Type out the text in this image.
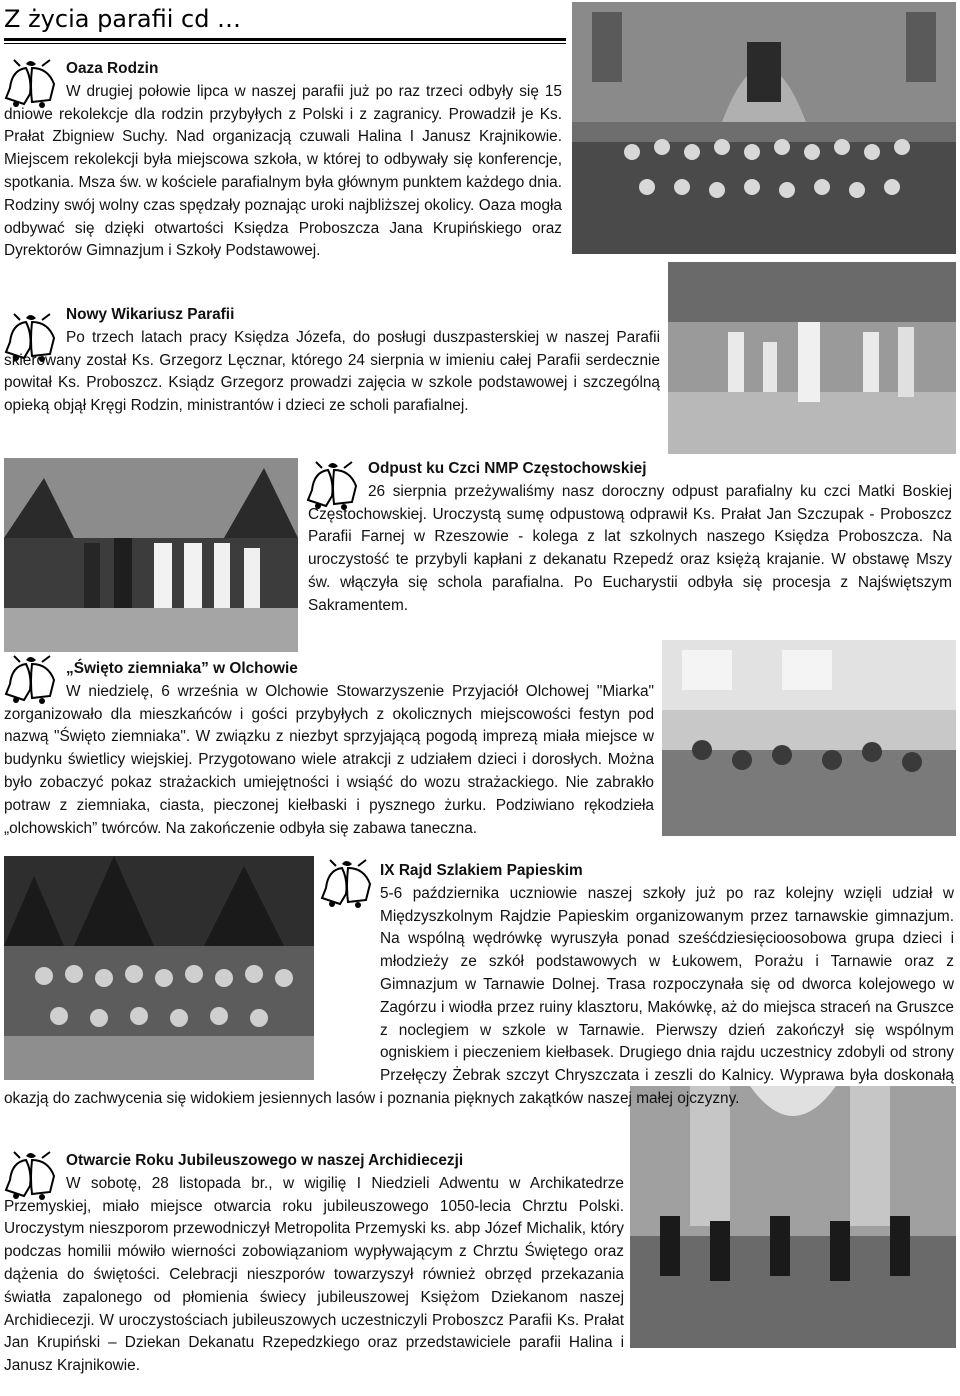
Z życia parafii cd …
Oaza Rodzin

W drugiej połowie lipca w naszej parafii już po raz trzeci odbyły się 15 dniowe rekolekcje dla rodzin przybyłych z Polski i z zagranicy. Prowadził je Ks. Prałat Zbigniew Suchy. Nad organizacją czuwali Halina I Janusz Krajnikowie. Miejscem rekolekcji była miejscowa szkoła, w której to odbywały się konferencje, spotkania. Msza św. w kościele parafialnym była głównym punktem każdego dnia. Rodziny swój wolny czas spędzały poznając uroki najbliższej okolicy. Oaza mogła odbywać się dzięki otwartości Księdza Proboszcza Jana Krupińskiego oraz Dyrektorów Gimnazjum i Szkoły Podstawowej.

Nowy Wikariusz Parafii

Po trzech latach pracy Księdza Józefa, do posługi duszpasterskiej w naszej Parafii skierowany został Ks. Grzegorz Lęcznar, którego 24 sierpnia w imieniu całej Parafii serdecznie powitał Ks. Proboszcz. Ksiądz Grzegorz prowadzi zajęcia w szkole podstawowej i szczególną opieką objął Kręgi Rodzin, ministrantów i dzieci ze scholi parafialnej.

Odpust ku Czci NMP Częstochowskiej

26 sierpnia przeżywaliśmy nasz doroczny odpust parafialny ku czci Matki Boskiej Częstochowskiej. Uroczystą sumę odpustową odprawił Ks. Prałat Jan Szczupak - Proboszcz Parafii Farnej w Rzeszowie - kolega z lat szkolnych naszego Księdza Proboszcza. Na uroczystość te przybyli kapłani z dekanatu Rzepedź oraz księżą krajanie. W obstawę Mszy św. włączyła się schola parafialna. Po Eucharystii odbyła się procesja z Najświętszym Sakramentem.

„Święto ziemniaka” w Olchowie

W niedzielę, 6 września w Olchowie Stowarzyszenie Przyjaciół Olchowej "Miarka" zorganizowało dla mieszkańców i gości przybyłych z okolicznych miejscowości festyn pod nazwą "Święto ziemniaka". W związku z niezbyt sprzyjającą pogodą imprezą miała miejsce w budynku świetlicy wiejskiej. Przygotowano wiele atrakcji z udziałem dzieci i dorosłych. Można było zobaczyć pokaz strażackich umiejętności i wsiąść do wozu strażackiego. Nie zabrakło potraw z ziemniaka, ciasta, pieczonej kiełbaski i pysznego żurku. Podziwiano rękodzieła „olchowskich” twórców. Na zakończenie odbyła się zabawa taneczna.

IX Rajd Szlakiem Papieskim

5-6 października uczniowie naszej szkoły już po raz kolejny wzięli udział w Międzyszkolnym Rajdzie Papieskim organizowanym przez tarnawskie gimnazjum. Na wspólną wędrówkę wyruszyła ponad sześćdziesięcioosobowa grupa dzieci i młodzieży ze szkół podstawowych w Łukowem, Porażu i Tarnawie oraz z Gimnazjum w Tarnawie Dolnej. Trasa rozpoczynała się od dworca kolejowego w Zagórzu i wiodła przez ruiny klasztoru, Makówkę, aż do miejsca straceń na Gruszce z noclegiem w szkole w Tarnawie. Pierwszy dzień zakończył się wspólnym ogniskiem i pieczeniem kiełbasek. Drugiego dnia rajdu uczestnicy zdobyli od strony Przełęczy Żebrak szczyt Chryszczata i zeszli do Kalnicy. Wyprawa była doskonałą okazją do zachwycenia się widokiem jesiennych lasów i poznania pięknych zakątków naszej małej ojczyzny.

Otwarcie Roku Jubileuszowego w naszej Archidiecezji

W sobotę, 28 listopada br., w wigilię I Niedzieli Adwentu w Archikatedrze Przemyskiej, miało miejsce otwarcia roku jubileuszowego 1050-lecia Chrztu Polski. Uroczystym nieszporom przewodniczył Metropolita Przemyski ks. abp Józef Michalik, który podczas homilii mówiło wierności zobowiązaniom wypływającym z Chrztu Świętego oraz dążenia do świętości. Celebracji nieszporów towarzyszył również obrzęd przekazania światła zapalonego od płomienia świecy jubileuszowej Księżom Dziekanom naszej Archidiecezji. W uroczystościach jubileuszowych uczestniczyli Proboszcz Parafii Ks. Prałat Jan Krupiński – Dziekan Dekanatu Rzepedzkiego oraz przedstawiciele parafii Halina i Janusz Krajnikowie.
